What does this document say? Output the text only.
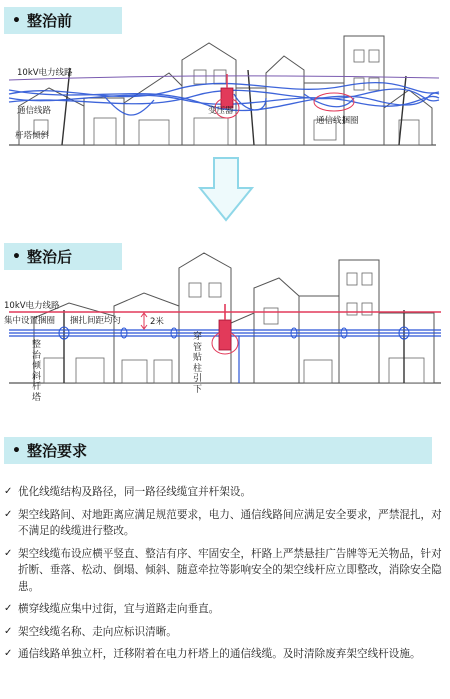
• 整治前
10kV电力线路
通信线路
杆塔倾斜
变压器
通信线捆圈
• 整治后
10kV电力线路
集中设置捆圈 捆扎间距均匀	2米
整治倾斜杆塔
穿管贴柱引下
• 整治要求
✓ 优化线缆结构及路径，同一路径线缆宜并杆架设。
✓ 架空线路间、对地距离应满足规范要求，电力、通信线路间应满足安全要求，严禁混扎，对不满足的线缆进行整改。
✓ 架空线缆布设应横平竖直、整洁有序、牢固安全，杆路上严禁悬挂广告牌等无关物品，针对折断、垂落、松动、倒塌、倾斜、随意牵拉等影响安全的架空线杆应立即整改，消除安全隐患。
✓ 横穿线缆应集中过街，宜与道路走向垂直。
✓ 架空线缆名称、走向应标识清晰。
✓ 通信线路单独立杆，迁移附着在电力杆塔上的通信线缆。及时清除废弃架空线杆设施。
